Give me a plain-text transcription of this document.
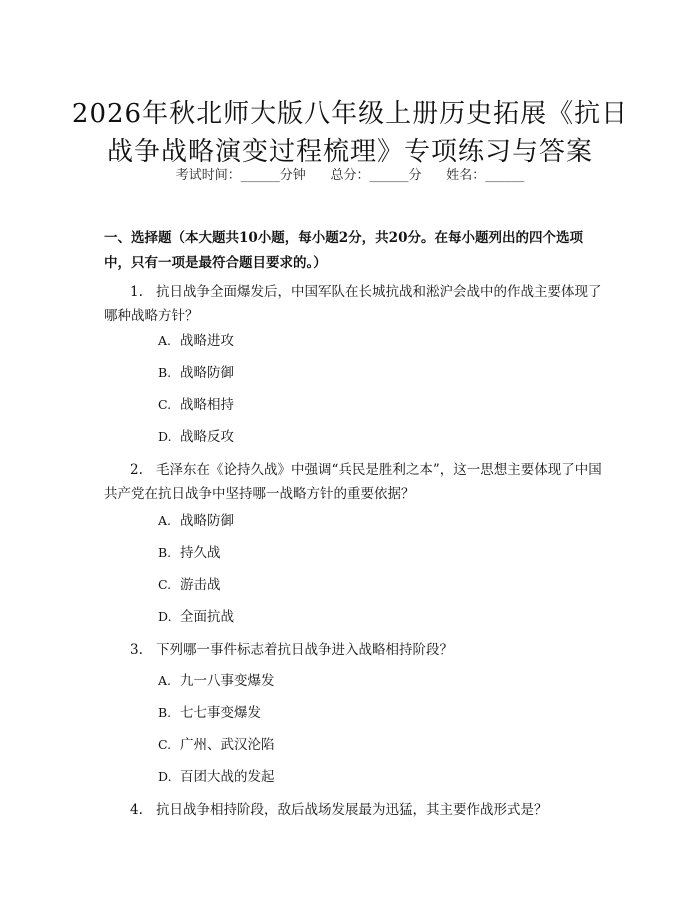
2026年秋北师大版八年级上册历史拓展《抗日战争战略演变过程梳理》专项练习与答案
考试时间：______分钟      总分：______分      姓名：______
一、选择题（本大题共10小题，每小题2分，共20分。在每小题列出的四个选项中，只有一项是最符合题目要求的。）
1. 抗日战争全面爆发后，中国军队在长城抗战和淞沪会战中的作战主要体现了哪种战略方针？
A. 战略进攻
B. 战略防御
C. 战略相持
D. 战略反攻
2. 毛泽东在《论持久战》中强调“兵民是胜利之本”，这一思想主要体现了中国共产党在抗日战争中坚持哪一战略方针的重要依据？
A. 战略防御
B. 持久战
C. 游击战
D. 全面抗战
3. 下列哪一事件标志着抗日战争进入战略相持阶段？
A. 九一八事变爆发
B. 七七事变爆发
C. 广州、武汉沦陷
D. 百团大战的发起
4. 抗日战争相持阶段，敌后战场发展最为迅猛，其主要作战形式是？
